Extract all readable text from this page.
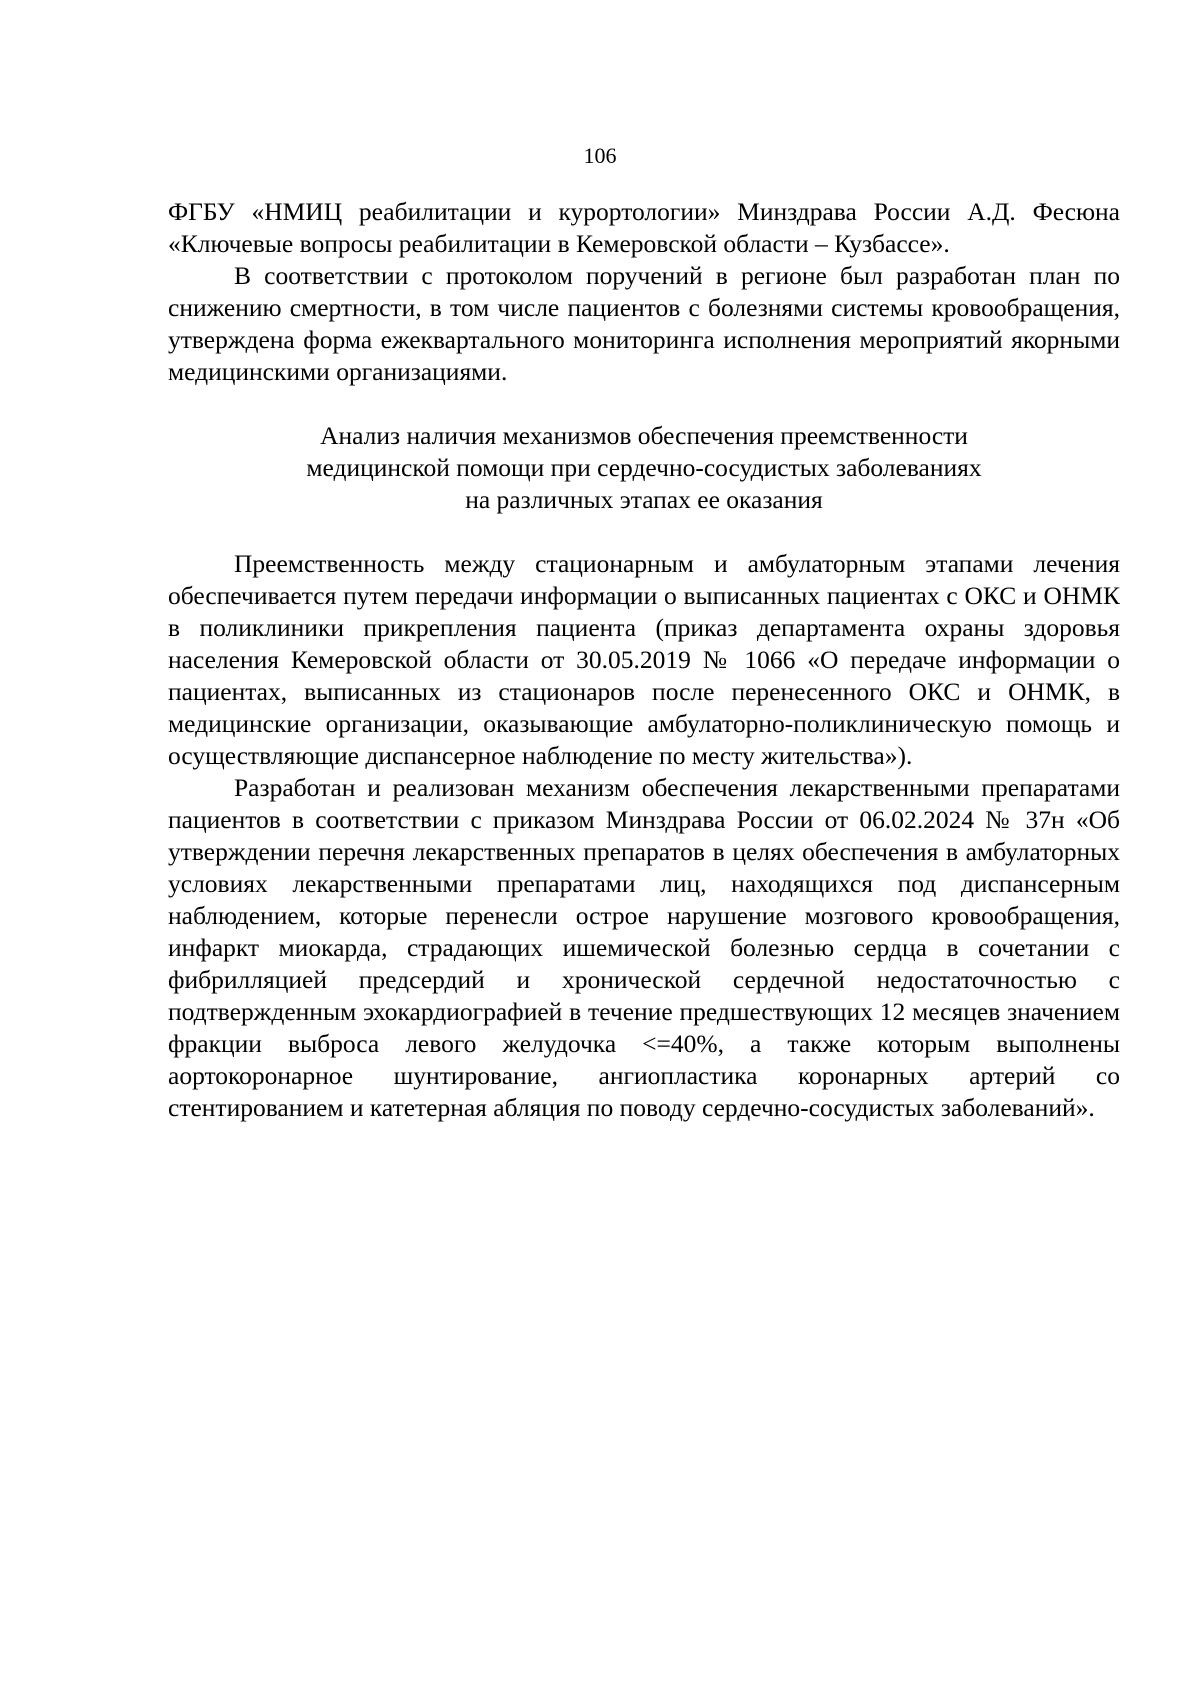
106

ФГБУ «НМИЦ реабилитации и курортологии» Минздрава России А.Д. Фесюна «Ключевые вопросы реабилитации в Кемеровской области – Кузбассе».

В соответствии с протоколом поручений в регионе был разработан план по снижению смертности, в том числе пациентов с болезнями системы кровообращения, утверждена форма ежеквартального мониторинга исполнения мероприятий якорными медицинскими организациями.

Анализ наличия механизмов обеспечения преемственности
медицинской помощи при сердечно-сосудистых заболеваниях
на различных этапах ее оказания

Преемственность между стационарным и амбулаторным этапами лечения обеспечивается путем передачи информации о выписанных пациентах с ОКС и ОНМК в поликлиники прикрепления пациента (приказ департамента охраны здоровья населения Кемеровской области от 30.05.2019 № 1066 «О передаче информации о пациентах, выписанных из стационаров после перенесенного ОКС и ОНМК, в медицинские организации, оказывающие амбулаторно-поликлиническую помощь и осуществляющие диспансерное наблюдение по месту жительства»).

Разработан и реализован механизм обеспечения лекарственными препаратами пациентов в соответствии с приказом Минздрава России от 06.02.2024 № 37н «Об утверждении перечня лекарственных препаратов в целях обеспечения в амбулаторных условиях лекарственными препаратами лиц, находящихся под диспансерным наблюдением, которые перенесли острое нарушение мозгового кровообращения, инфаркт миокарда, страдающих ишемической болезнью сердца в сочетании с фибрилляцией предсердий и хронической сердечной недостаточностью с подтвержденным эхокардиографией в течение предшествующих 12 месяцев значением фракции выброса левого желудочка <=40%, а также которым выполнены аортокоронарное шунтирование, ангиопластика коронарных артерий со стентированием и катетерная абляция по поводу сердечно-сосудистых заболеваний».
